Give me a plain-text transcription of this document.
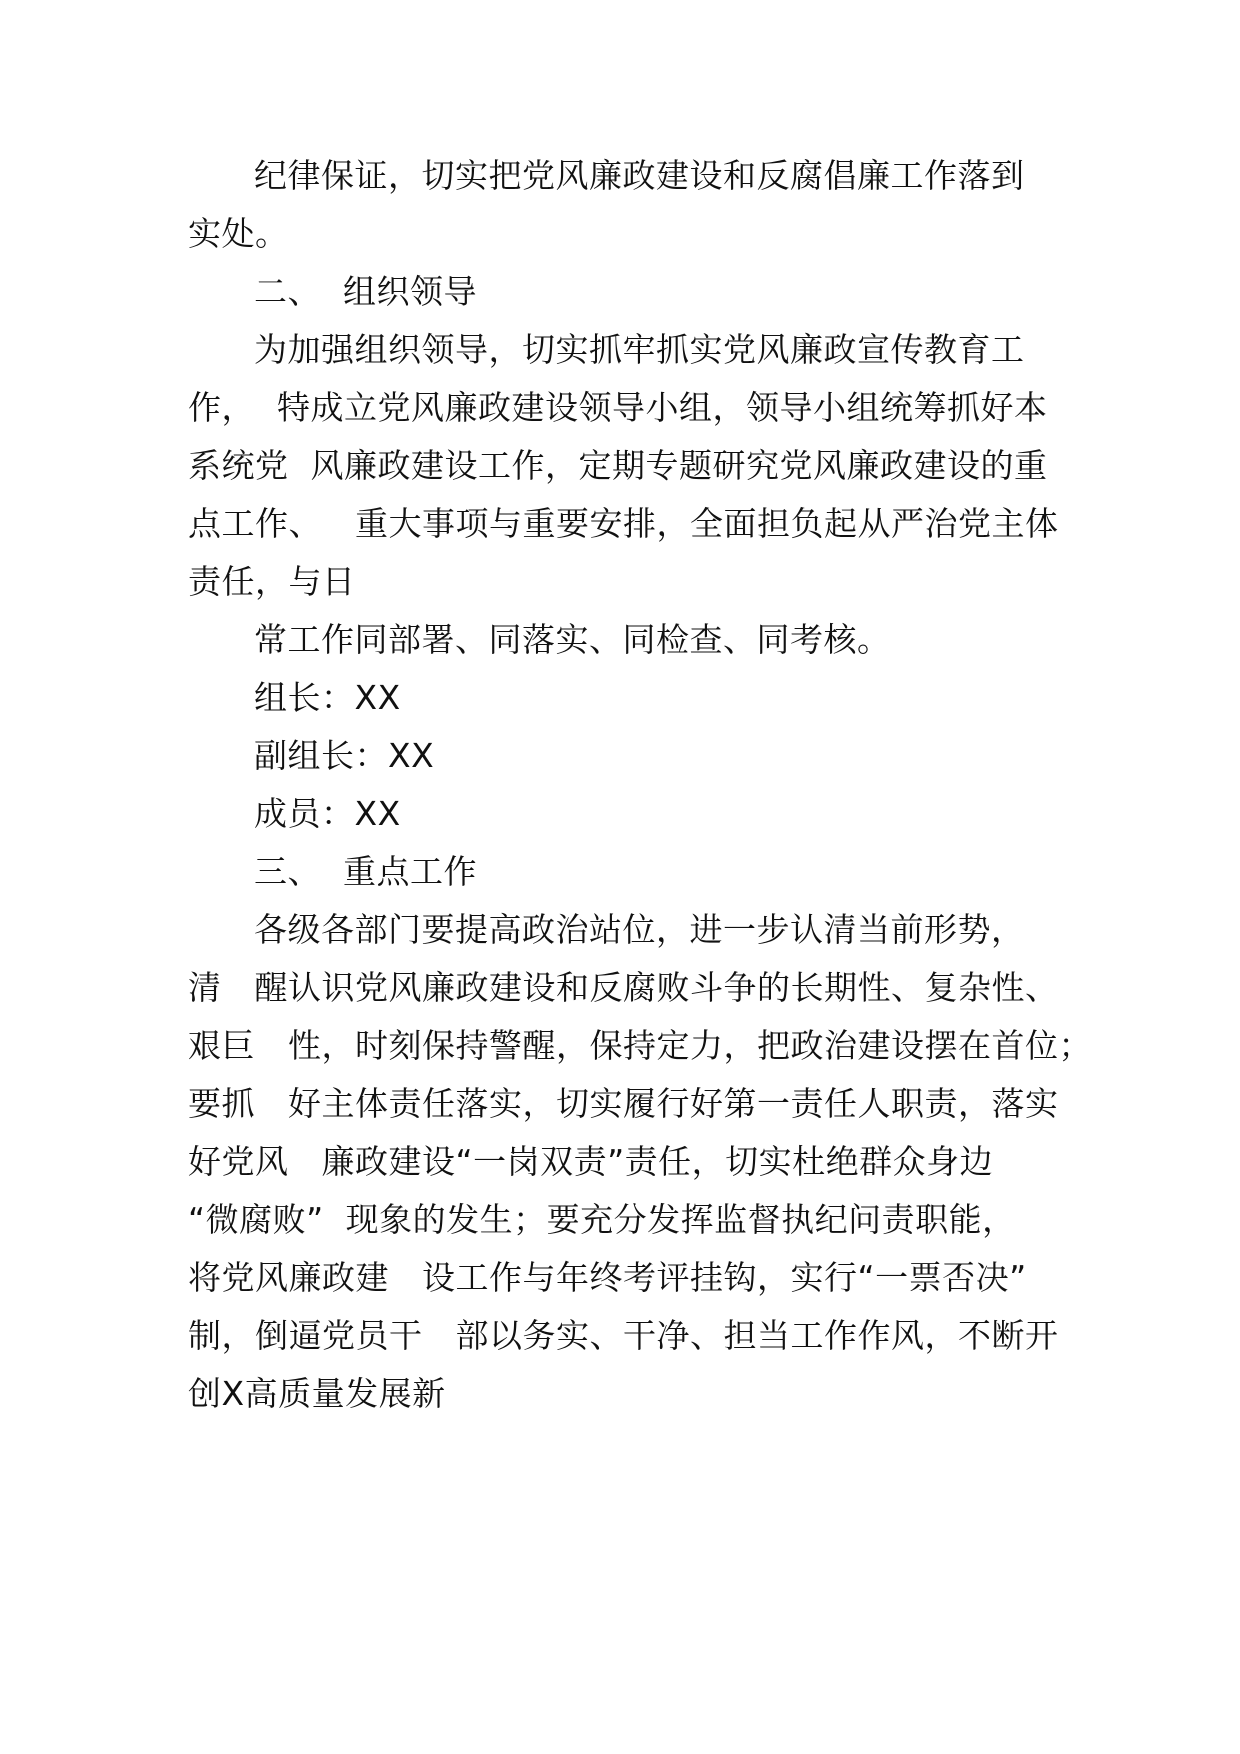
纪律保证，切实把党风廉政建设和反腐倡廉工作落到

实处。

二、  组织领导

为加强组织领导，切实抓牢抓实党风廉政宣传教育工

作，  特成立党风廉政建设领导小组，领导小组统筹抓好本

系统党  风廉政建设工作，定期专题研究党风廉政建设的重

点工作、   重大事项与重要安排，全面担负起从严治党主体

责任，与日

常工作同部署、同落实、同检查、同考核。

组长：XX

副组长：XX

成员：XX

三、  重点工作

各级各部门要提高政治站位，进一步认清当前形势，

清   醒认识党风廉政建设和反腐败斗争的长期性、复杂性、

艰巨   性，时刻保持警醒，保持定力，把政治建设摆在首位；

要抓   好主体责任落实，切实履行好第一责任人职责，落实

好党风   廉政建设“一岗双责”责任，切实杜绝群众身边

“微腐败”  现象的发生；要充分发挥监督执纪问责职能，

将党风廉政建   设工作与年终考评挂钩，实行“一票否决”

制，倒逼党员干   部以务实、干净、担当工作作风，不断开

创X高质量发展新
